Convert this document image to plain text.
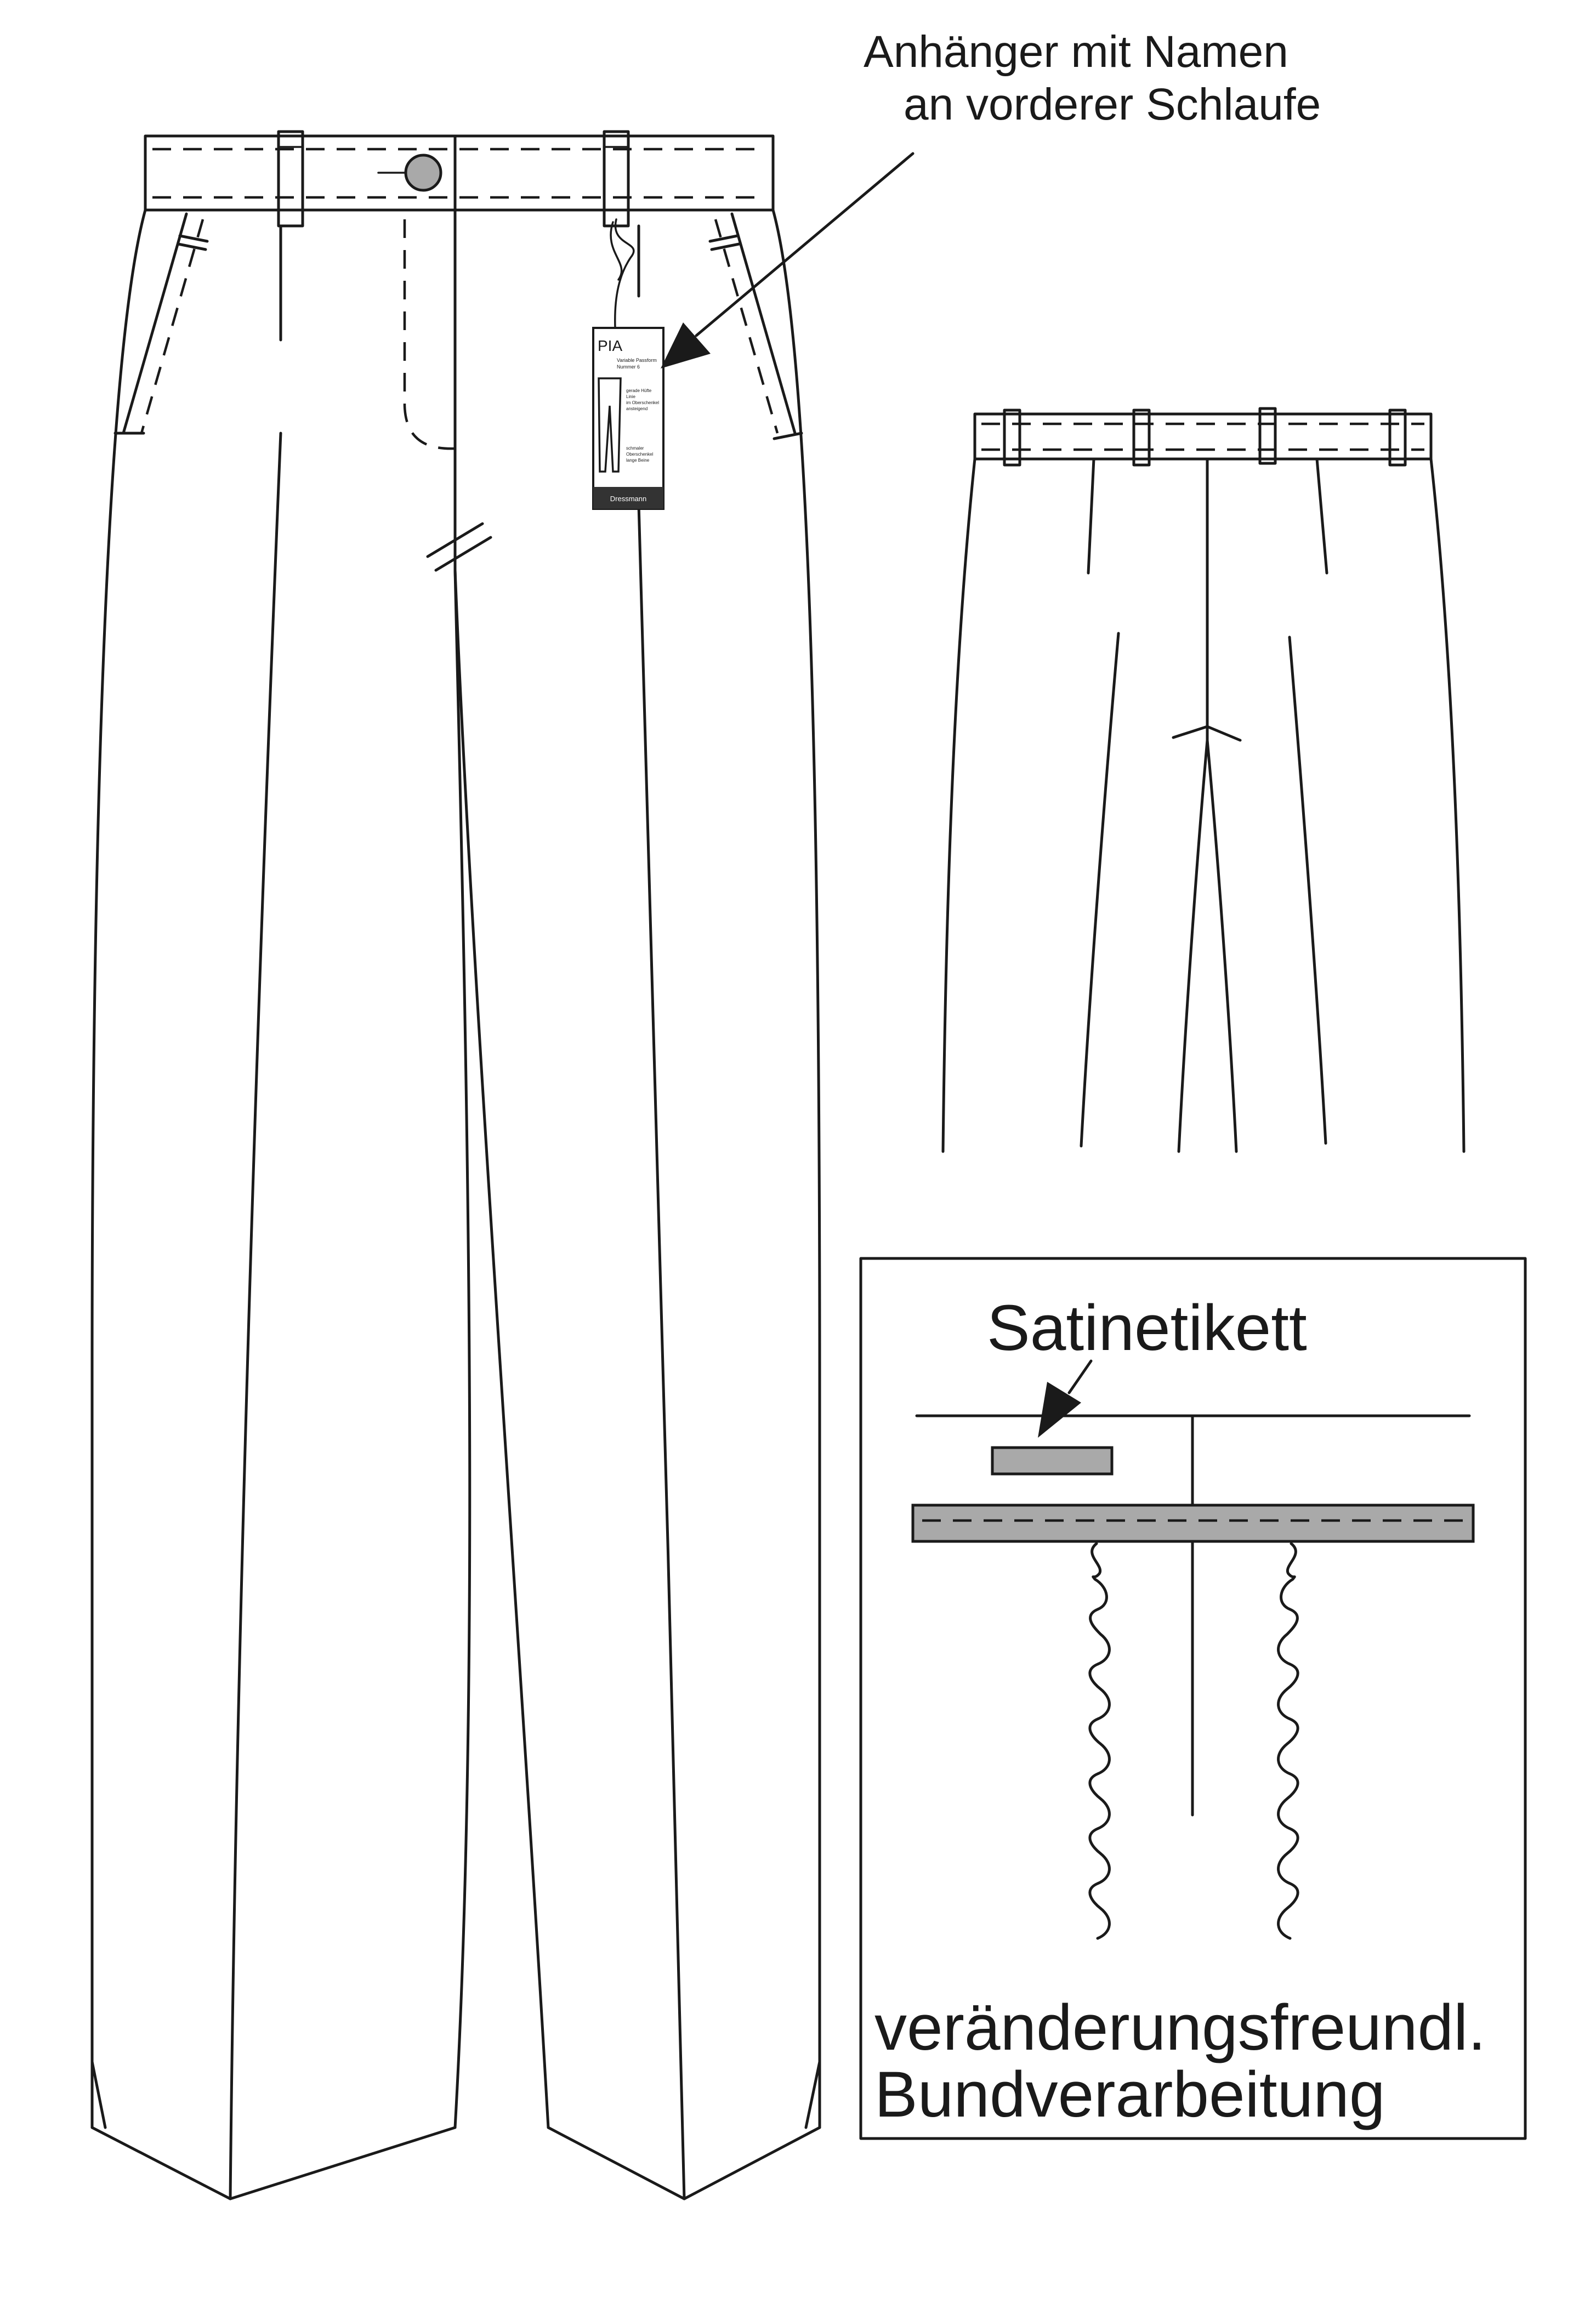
PIA
Variable Passform
Nummer 6
gerade Hüfte
Linie
im Oberschenkel
ansteigend
schmaler
Oberschenkel
lange Beine
Dressmann
Anhänger mit Namen
an vorderer Schlaufe
Satinetikett
veränderungsfreundl.
Bundverarbeitung
